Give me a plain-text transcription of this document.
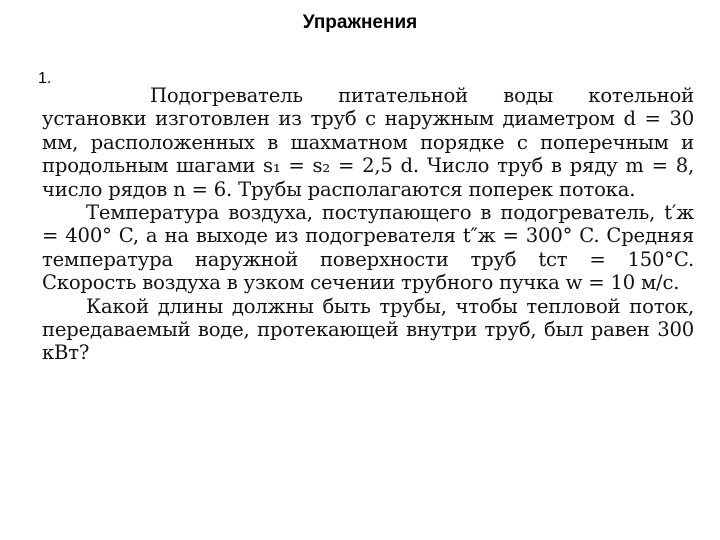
Упражнения
1.

Подогреватель питательной воды котельной установки изготовлен из труб с наружным диаметром d = 30 мм, расположенных в шахматном порядке с поперечным и продольным шагами s₁ = s₂ = 2,5 d. Число труб в ряду m = 8, число рядов n = 6. Трубы располагаются поперек потока.

Температура воздуха, поступающего в подогреватель, t′ж = 400° C, а на выходе из подогревателя t″ж = 300° C. Средняя температура наружной поверхности труб tст = 150°C. Скорость воздуха в узком сечении трубного пучка w = 10 м/с.

Какой длины должны быть трубы, чтобы тепловой поток, передаваемый воде, протекающей внутри труб, был равен 300 кВт?
